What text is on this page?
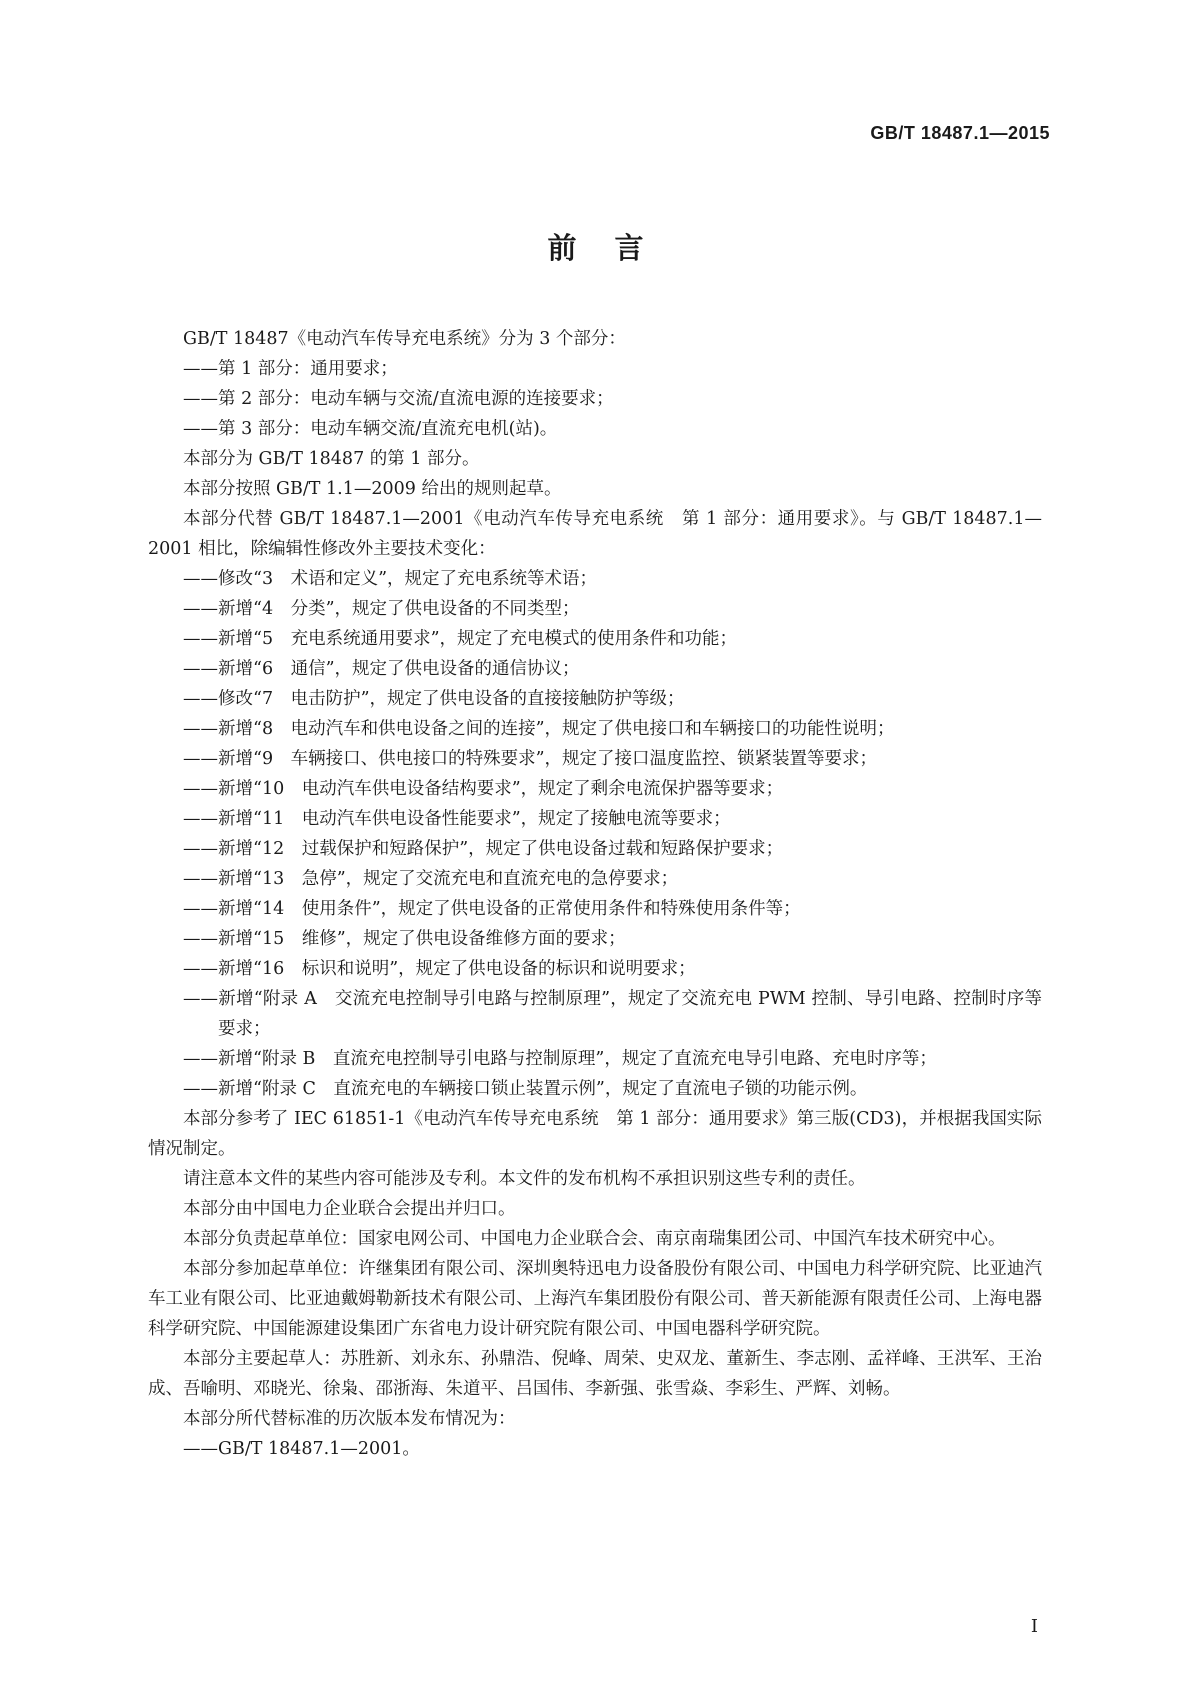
GB/T 18487.1—2015
前言

GB/T 18487《电动汽车传导充电系统》分为 3 个部分：

——第 1 部分：通用要求；

——第 2 部分：电动车辆与交流/直流电源的连接要求；

——第 3 部分：电动车辆交流/直流充电机(站)。

本部分为 GB/T 18487 的第 1 部分。

本部分按照 GB/T 1.1—2009 给出的规则起草。

本部分代替 GB/T 18487.1—2001《电动汽车传导充电系统　第 1 部分：通用要求》。与 GB/T 18487.1—2001 相比，除编辑性修改外主要技术变化：

——修改“3　术语和定义”，规定了充电系统等术语；

——新增“4　分类”，规定了供电设备的不同类型；

——新增“5　充电系统通用要求”，规定了充电模式的使用条件和功能；

——新增“6　通信”，规定了供电设备的通信协议；

——修改“7　电击防护”，规定了供电设备的直接接触防护等级；

——新增“8　电动汽车和供电设备之间的连接”，规定了供电接口和车辆接口的功能性说明；

——新增“9　车辆接口、供电接口的特殊要求”，规定了接口温度监控、锁紧装置等要求；

——新增“10　电动汽车供电设备结构要求”，规定了剩余电流保护器等要求；

——新增“11　电动汽车供电设备性能要求”，规定了接触电流等要求；

——新增“12　过载保护和短路保护”，规定了供电设备过载和短路保护要求；

——新增“13　急停”，规定了交流充电和直流充电的急停要求；

——新增“14　使用条件”，规定了供电设备的正常使用条件和特殊使用条件等；

——新增“15　维修”，规定了供电设备维修方面的要求；

——新增“16　标识和说明”，规定了供电设备的标识和说明要求；

——新增“附录 A　交流充电控制导引电路与控制原理”，规定了交流充电 PWM 控制、导引电路、控制时序等要求；

——新增“附录 B　直流充电控制导引电路与控制原理”，规定了直流充电导引电路、充电时序等；

——新增“附录 C　直流充电的车辆接口锁止装置示例”，规定了直流电子锁的功能示例。

本部分参考了 IEC 61851-1《电动汽车传导充电系统　第 1 部分：通用要求》第三版(CD3)，并根据我国实际情况制定。

请注意本文件的某些内容可能涉及专利。本文件的发布机构不承担识别这些专利的责任。

本部分由中国电力企业联合会提出并归口。

本部分负责起草单位：国家电网公司、中国电力企业联合会、南京南瑞集团公司、中国汽车技术研究中心。

本部分参加起草单位：许继集团有限公司、深圳奥特迅电力设备股份有限公司、中国电力科学研究院、比亚迪汽车工业有限公司、比亚迪戴姆勒新技术有限公司、上海汽车集团股份有限公司、普天新能源有限责任公司、上海电器科学研究院、中国能源建设集团广东省电力设计研究院有限公司、中国电器科学研究院。

本部分主要起草人：苏胜新、刘永东、孙鼎浩、倪峰、周荣、史双龙、董新生、李志刚、孟祥峰、王洪军、王治成、吾喻明、邓晓光、徐枭、邵浙海、朱道平、吕国伟、李新强、张雪焱、李彩生、严辉、刘畅。

本部分所代替标准的历次版本发布情况为：

——GB/T 18487.1—2001。

I
